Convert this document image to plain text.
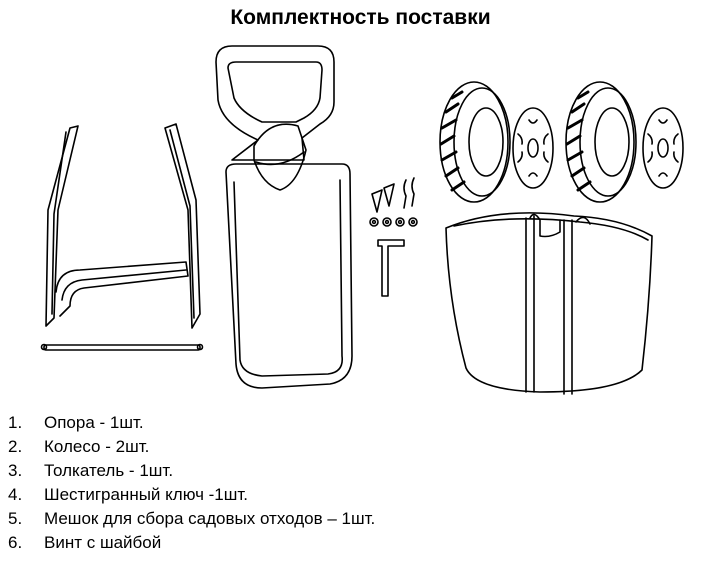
Комплектность поставки
1. Опора - 1шт.
2. Колесо - 2шт.
3. Толкатель - 1шт.
4. Шестигранный ключ -1шт.
5. Мешок для сбора садовых отходов – 1шт.
6. Винт с шайбой
